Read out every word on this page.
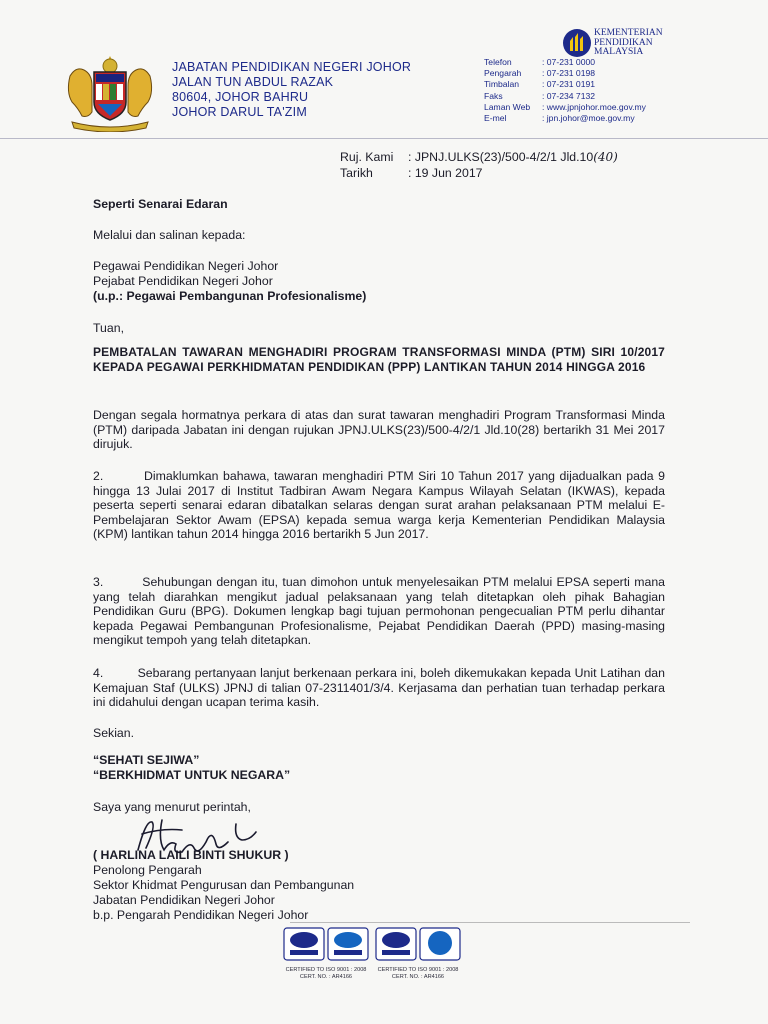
JABATAN PENDIDIKAN NEGERI JOHOR
JALAN TUN ABDUL RAZAK
80604, JOHOR BAHRU
JOHOR DARUL TA'ZIM
KEMENTERIAN
PENDIDIKAN
MALAYSIA
Telefon	: 07-231 0000
Pengarah	: 07-231 0198
Timbalan	: 07-231 0191
Faks	: 07-234 7132
Laman Web	: www.jpnjohor.moe.gov.my
E-mel	: jpn.johor@moe.gov.my
Ruj. Kami	: JPNJ.ULKS(23)/500-4/2/1 Jld.10 (40)
Tarikh	: 19 Jun 2017
Seperti Senarai Edaran
Melalui dan salinan kepada:
Pegawai Pendidikan Negeri Johor
Pejabat Pendidikan Negeri Johor
(u.p.: Pegawai Pembangunan Profesionalisme)
Tuan,
PEMBATALAN TAWARAN MENGHADIRI PROGRAM TRANSFORMASI MINDA (PTM) SIRI 10/2017 KEPADA PEGAWAI PERKHIDMATAN PENDIDIKAN (PPP) LANTIKAN TAHUN 2014 HINGGA 2016
Dengan segala hormatnya perkara di atas dan surat tawaran menghadiri Program Transformasi Minda (PTM) daripada Jabatan ini dengan rujukan JPNJ.ULKS(23)/500-4/2/1 Jld.10(28) bertarikh 31 Mei 2017 dirujuk.
2.         Dimaklumkan bahawa, tawaran menghadiri PTM Siri 10 Tahun 2017 yang dijadualkan pada 9 hingga 13 Julai 2017 di Institut Tadbiran Awam Negara Kampus Wilayah Selatan (IKWAS), kepada peserta seperti senarai edaran dibatalkan selaras dengan surat arahan pelaksanaan PTM melalui E-Pembelajaran Sektor Awam (EPSA) kepada semua warga kerja Kementerian Pendidikan Malaysia (KPM) lantikan tahun 2014 hingga 2016 bertarikh 5 Jun 2017.
3.         Sehubungan dengan itu, tuan dimohon untuk menyelesaikan PTM melalui EPSA seperti mana yang telah diarahkan mengikut jadual pelaksanaan yang telah ditetapkan oleh pihak Bahagian Pendidikan Guru (BPG). Dokumen lengkap bagi tujuan permohonan pengecualian PTM perlu dihantar kepada Pegawai Pembangunan Profesionalisme, Pejabat Pendidikan Daerah (PPD) masing-masing mengikut tempoh yang telah ditetapkan.
4.         Sebarang pertanyaan lanjut berkenaan perkara ini, boleh dikemukakan kepada Unit Latihan dan Kemajuan Staf (ULKS) JPNJ di talian 07-2311401/3/4. Kerjasama dan perhatian tuan terhadap perkara ini didahului dengan ucapan terima kasih.
Sekian.
“SEHATI SEJIWA”
“BERKHIDMAT UNTUK NEGARA”
Saya yang menurut perintah,
( HARLINA LAILI BINTI SHUKUR )
Penolong Pengarah
Sektor Khidmat Pengurusan dan Pembangunan
Jabatan Pendidikan Negeri Johor
b.p. Pengarah Pendidikan Negeri Johor
CERTIFIED TO ISO 9001 : 2008
CERT. NO. : AR4166
CERTIFIED TO ISO 9001 : 2008
CERT. NO. : AR4166
